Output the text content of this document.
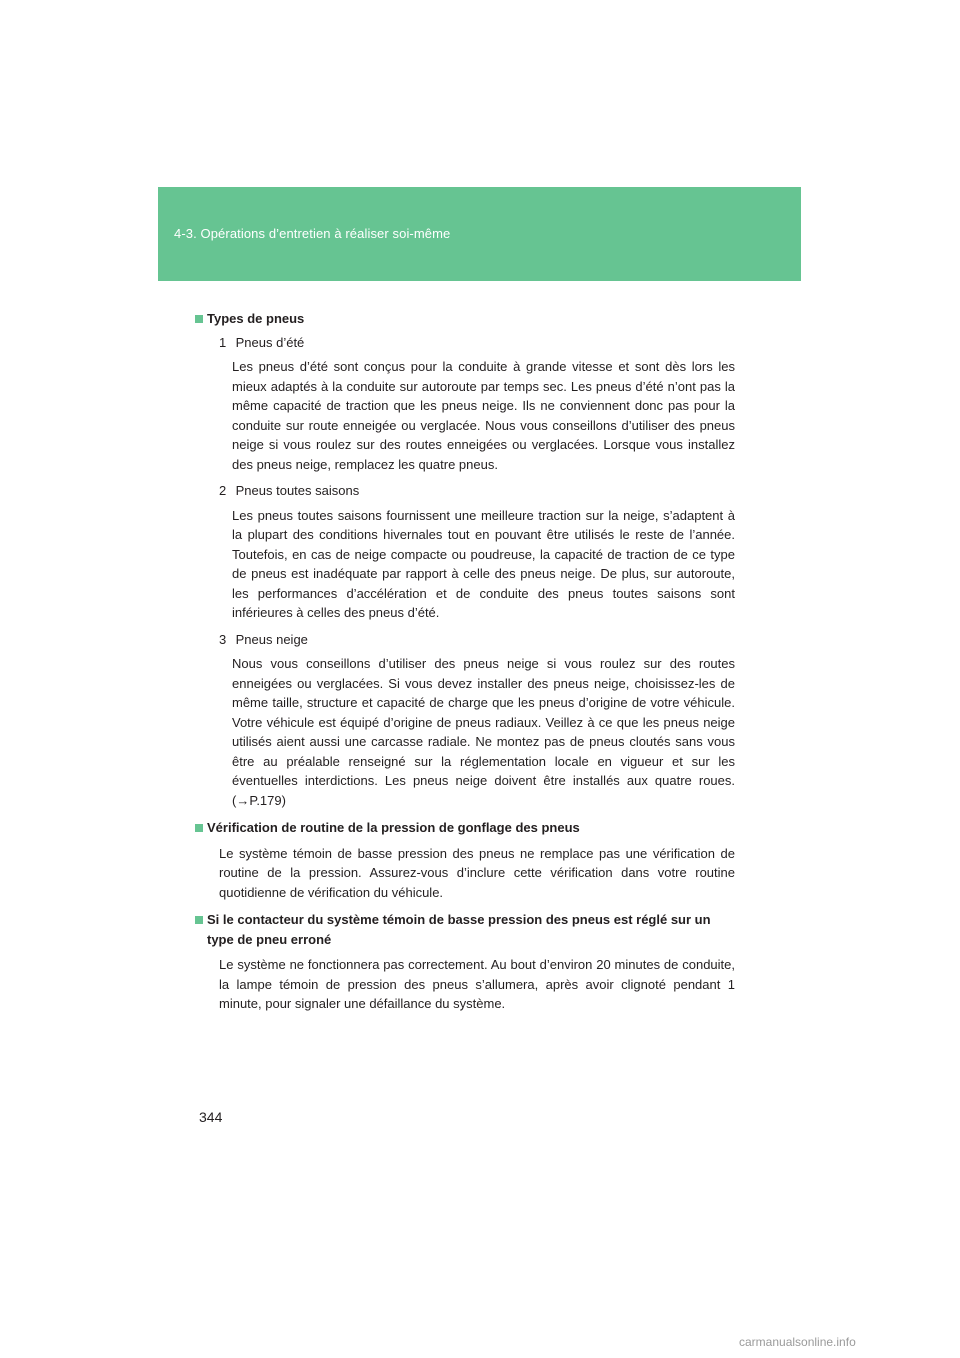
4-3. Opérations d’entretien à réaliser soi-même
Types de pneus
1 Pneus d’été
Les pneus d’été sont conçus pour la conduite à grande vitesse et sont dès lors les mieux adaptés à la conduite sur autoroute par temps sec. Les pneus d’été n’ont pas la même capacité de traction que les pneus neige. Ils ne conviennent donc pas pour la conduite sur route enneigée ou verglacée. Nous vous conseillons d’utiliser des pneus neige si vous roulez sur des routes enneigées ou verglacées. Lorsque vous installez des pneus neige, remplacez les quatre pneus.
2 Pneus toutes saisons
Les pneus toutes saisons fournissent une meilleure traction sur la neige, s’adaptent à la plupart des conditions hivernales tout en pouvant être utilisés le reste de l’année. Toutefois, en cas de neige compacte ou poudreuse, la capacité de traction de ce type de pneus est inadéquate par rapport à celle des pneus neige. De plus, sur autoroute, les performances d’accélération et de conduite des pneus toutes saisons sont inférieures à celles des pneus d’été.
3 Pneus neige
Nous vous conseillons d’utiliser des pneus neige si vous roulez sur des routes enneigées ou verglacées. Si vous devez installer des pneus neige, choisissez-les de même taille, structure et capacité de charge que les pneus d’origine de votre véhicule. Votre véhicule est équipé d’origine de pneus radiaux. Veillez à ce que les pneus neige utilisés aient aussi une carcasse radiale. Ne montez pas de pneus cloutés sans vous être au préalable renseigné sur la réglementation locale en vigueur et sur les éventuelles interdictions. Les pneus neige doivent être installés aux quatre roues. (→P.179)
Vérification de routine de la pression de gonflage des pneus
Le système témoin de basse pression des pneus ne remplace pas une vérification de routine de la pression. Assurez-vous d’inclure cette vérification dans votre routine quotidienne de vérification du véhicule.
Si le contacteur du système témoin de basse pression des pneus est réglé sur un type de pneu erroné
Le système ne fonctionnera pas correctement. Au bout d’environ 20 minutes de conduite, la lampe témoin de pression des pneus s’allumera, après avoir clignoté pendant 1 minute, pour signaler une défaillance du système.
344
carmanualsonline.info
